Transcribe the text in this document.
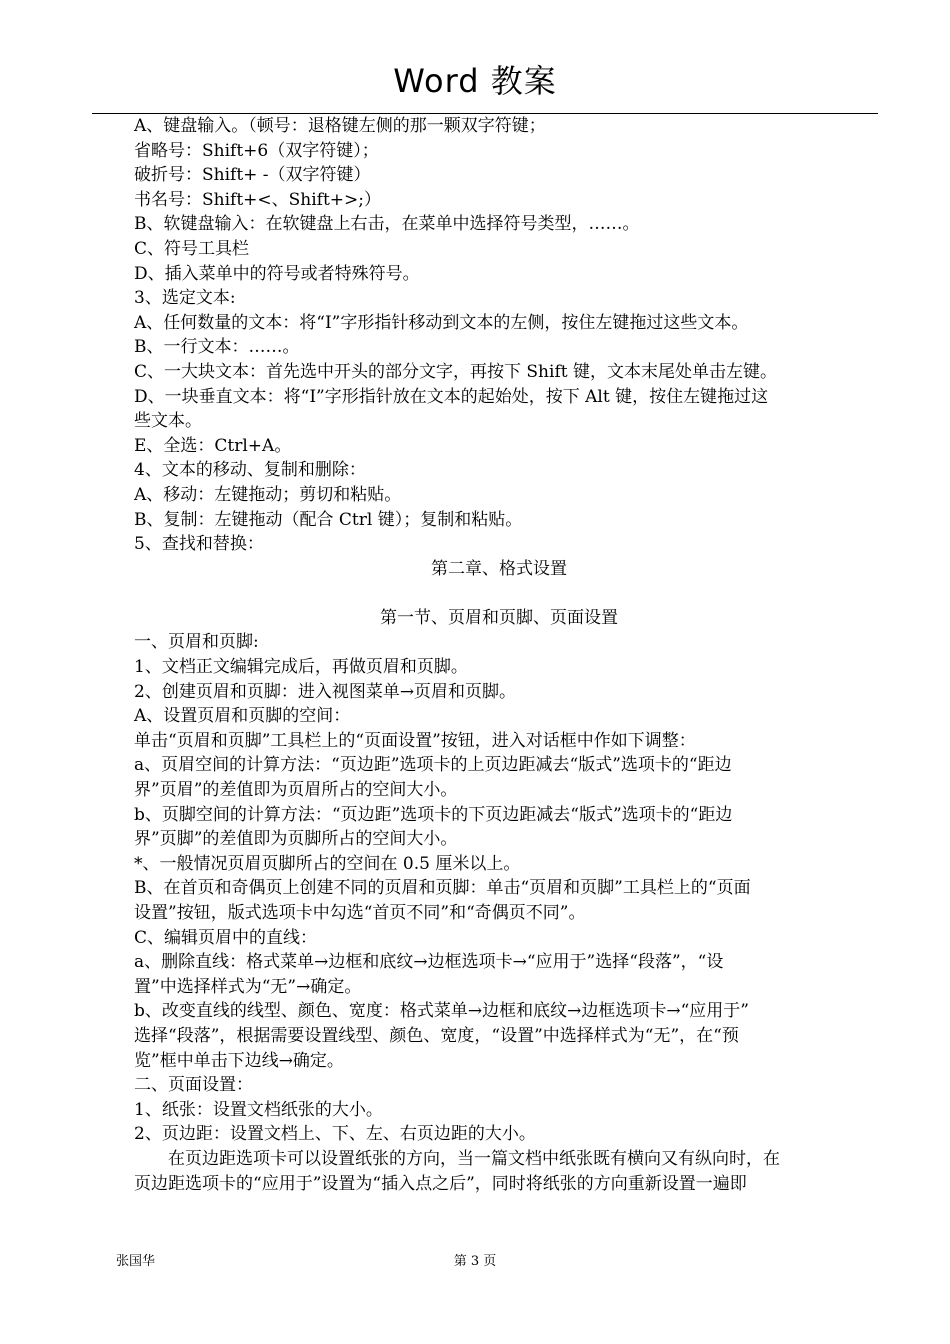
Word 教案
A、键盘输入。（顿号：退格键左侧的那一颗双字符键；
省略号：Shift+6（双字符键）；
破折号：Shift+ -（双字符键）
书名号：Shift+<、Shift+>;）
B、软键盘输入：在软键盘上右击，在菜单中选择符号类型，……。
C、符号工具栏
D、插入菜单中的符号或者特殊符号。
3、选定文本:
A、任何数量的文本：将“I”字形指针移动到文本的左侧，按住左键拖过这些文本。
B、一行文本：……。
C、一大块文本：首先选中开头的部分文字，再按下 Shift 键，文本末尾处单击左键。
D、一块垂直文本：将“I”字形指针放在文本的起始处，按下 Alt 键，按住左键拖过这
些文本。
E、全选：Ctrl+A。
4、文本的移动、复制和删除：
A、移动：左键拖动；剪切和粘贴。
B、复制：左键拖动（配合 Ctrl 键）；复制和粘贴。
5、查找和替换：
第二章、格式设置
第一节、页眉和页脚、页面设置
一、页眉和页脚:
1、文档正文编辑完成后，再做页眉和页脚。
2、创建页眉和页脚：进入视图菜单→页眉和页脚。
A、设置页眉和页脚的空间：
单击“页眉和页脚”工具栏上的“页面设置”按钮，进入对话框中作如下调整：
a、页眉空间的计算方法：“页边距”选项卡的上页边距减去“版式”选项卡的“距边
界”页眉”的差值即为页眉所占的空间大小。
b、页脚空间的计算方法：“页边距”选项卡的下页边距减去“版式”选项卡的“距边
界”页脚”的差值即为页脚所占的空间大小。
*、一般情况页眉页脚所占的空间在 0.5 厘米以上。
B、在首页和奇偶页上创建不同的页眉和页脚：单击“页眉和页脚”工具栏上的“页面
设置”按钮，版式选项卡中勾选“首页不同”和“奇偶页不同”。
C、编辑页眉中的直线：
a、删除直线：格式菜单→边框和底纹→边框选项卡→“应用于”选择“段落”，“设
置”中选择样式为“无”→确定。
b、改变直线的线型、颜色、宽度：格式菜单→边框和底纹→边框选项卡→“应用于”
选择“段落”，根据需要设置线型、颜色、宽度，“设置”中选择样式为“无”，在“预
览”框中单击下边线→确定。
二、页面设置：
1、纸张：设置文档纸张的大小。
2、页边距：设置文档上、下、左、右页边距的大小。
在页边距选项卡可以设置纸张的方向，当一篇文档中纸张既有横向又有纵向时，在
页边距选项卡的“应用于”设置为“插入点之后”，同时将纸张的方向重新设置一遍即
张国华	第 3 页
